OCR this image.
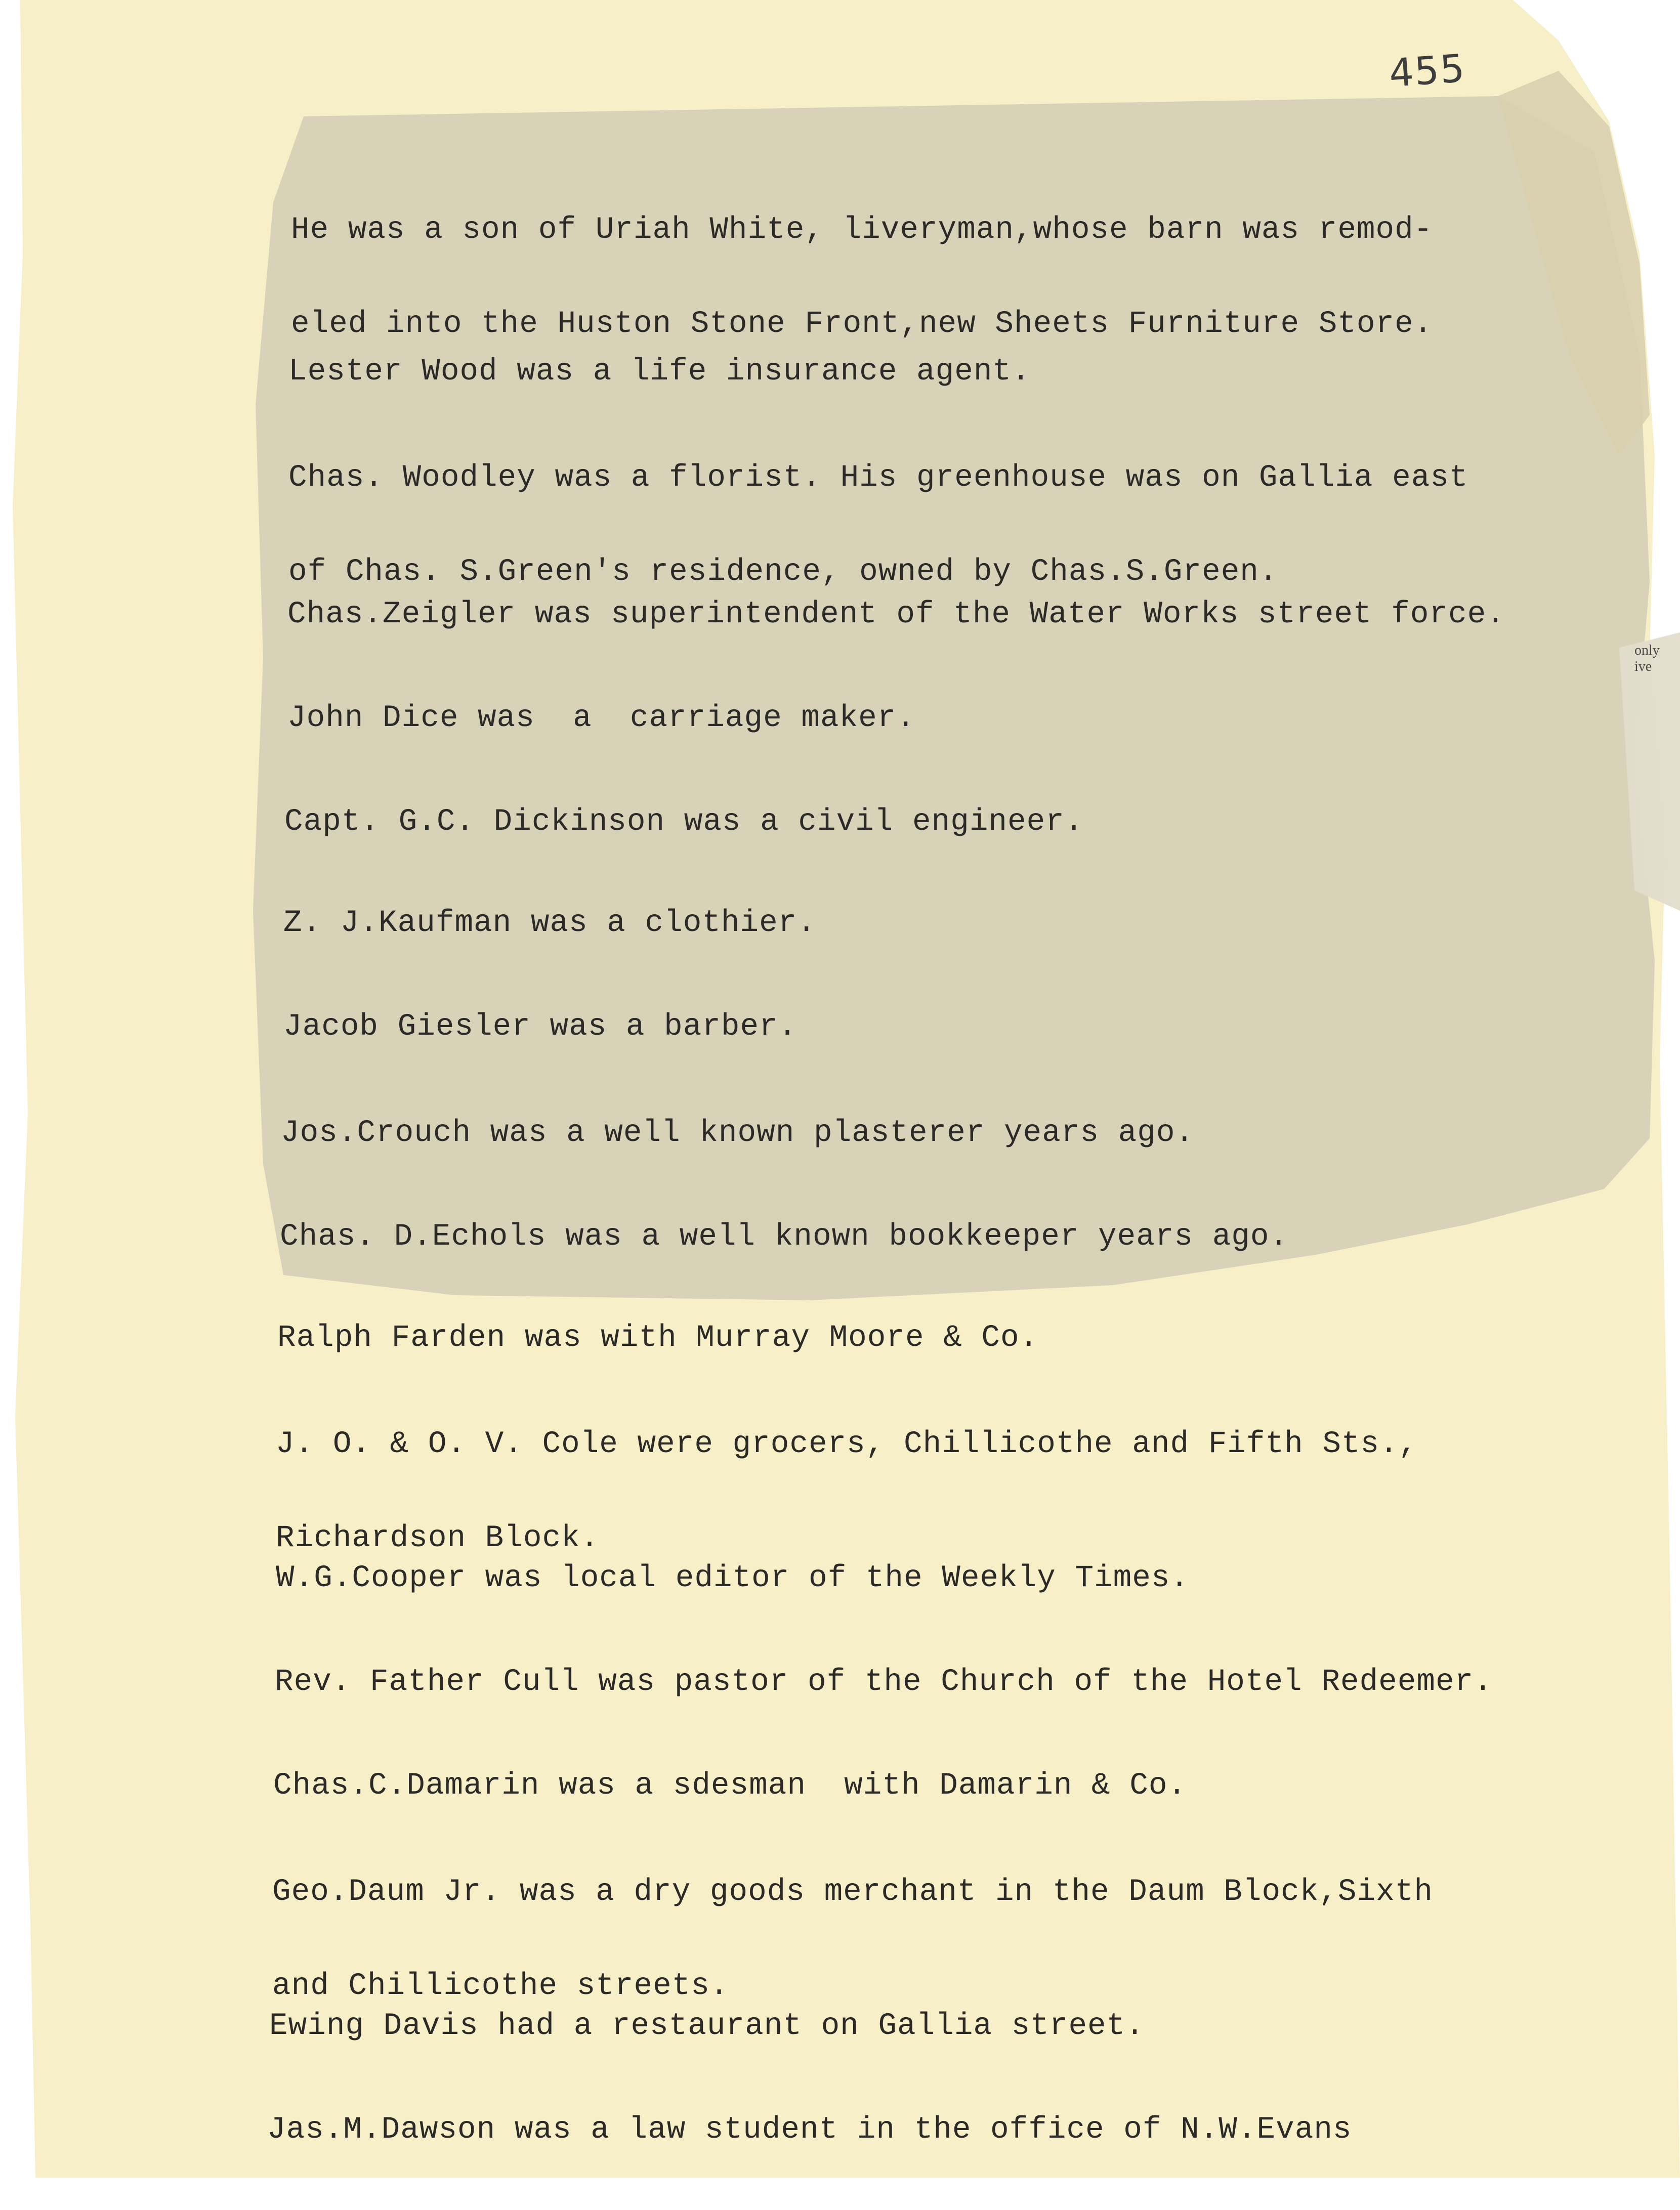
455
only
ive

He was a son of Uriah White, liveryman,whose barn was remod-

eled into the Huston Stone Front,new Sheets Furniture Store.

Lester Wood was a life insurance agent.

Chas. Woodley was a florist. His greenhouse was on Gallia east

of Chas. S.Green's residence, owned by Chas.S.Green.

Chas.Zeigler was superintendent of the Water Works street force.

John Dice was  a  carriage maker.

Capt. G.C. Dickinson was a civil engineer.

Z. J.Kaufman was a clothier.

Jacob Giesler was a barber.

Jos.Crouch was a well known plasterer years ago.

Chas. D.Echols was a well known bookkeeper years ago.

Ralph Farden was with Murray Moore & Co.

J. O. & O. V. Cole were grocers, Chillicothe and Fifth Sts.,

Richardson Block.

W.G.Cooper was local editor of the Weekly Times.

Rev. Father Cull was pastor of the Church of the Hotel Redeemer.

Chas.C.Damarin was a sdesman  with Damarin & Co.

Geo.Daum Jr. was a dry goods merchant in the Daum Block,Sixth

and Chillicothe streets.

Ewing Davis had a restaurant on Gallia street.

Jas.M.Dawson was a law student in the office of N.W.Evans
